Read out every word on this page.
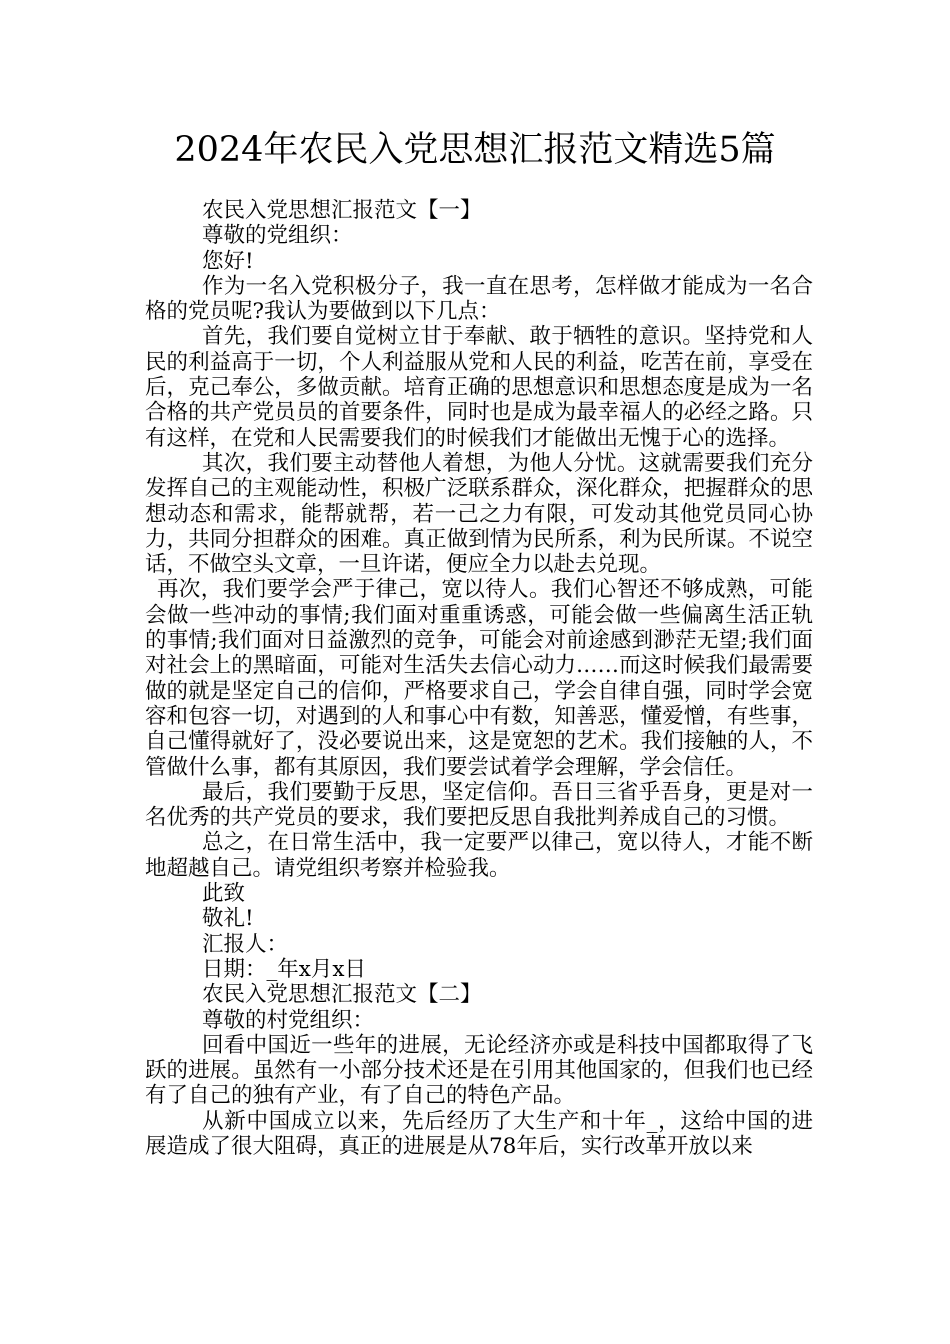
2024年农民入党思想汇报范文精选5篇

农民入党思想汇报范文【一】

尊敬的党组织：

您好!

作为一名入党积极分子，我一直在思考，怎样做才能成为一名合格的党员呢?我认为要做到以下几点：

首先，我们要自觉树立甘于奉献、敢于牺牲的意识。坚持党和人民的利益高于一切，个人利益服从党和人民的利益，吃苦在前，享受在后，克己奉公，多做贡献。培育正确的思想意识和思想态度是成为一名合格的共产党员员的首要条件，同时也是成为最幸福人的必经之路。只有这样，在党和人民需要我们的时候我们才能做出无愧于心的选择。

其次，我们要主动替他人着想，为他人分忧。这就需要我们充分发挥自己的主观能动性，积极广泛联系群众，深化群众，把握群众的思想动态和需求，能帮就帮，若一己之力有限，可发动其他党员同心协力，共同分担群众的困难。真正做到情为民所系，利为民所谋。不说空话，不做空头文章，一旦许诺，便应全力以赴去兑现。

再次，我们要学会严于律己，宽以待人。我们心智还不够成熟，可能会做一些冲动的事情;我们面对重重诱惑，可能会做一些偏离生活正轨的事情;我们面对日益激烈的竞争，可能会对前途感到渺茫无望;我们面对社会上的黑暗面，可能对生活失去信心动力……而这时候我们最需要做的就是坚定自己的信仰，严格要求自己，学会自律自强，同时学会宽容和包容一切，对遇到的人和事心中有数，知善恶，懂爱憎，有些事，自己懂得就好了，没必要说出来，这是宽恕的艺术。我们接触的人，不管做什么事，都有其原因，我们要尝试着学会理解，学会信任。

最后，我们要勤于反思，坚定信仰。吾日三省乎吾身，更是对一名优秀的共产党员的要求，我们要把反思自我批判养成自己的习惯。

总之，在日常生活中，我一定要严以律己，宽以待人，才能不断地超越自己。请党组织考察并检验我。

此致

敬礼!

汇报人：

日期：_年x月x日

农民入党思想汇报范文【二】

尊敬的村党组织：

回看中国近一些年的进展，无论经济亦或是科技中国都取得了飞跃的进展。虽然有一小部分技术还是在引用其他国家的，但我们也已经有了自己的独有产业，有了自己的特色产品。

从新中国成立以来，先后经历了大生产和十年_，这给中国的进展造成了很大阻碍，真正的进展是从78年后，实行改革开放以来
